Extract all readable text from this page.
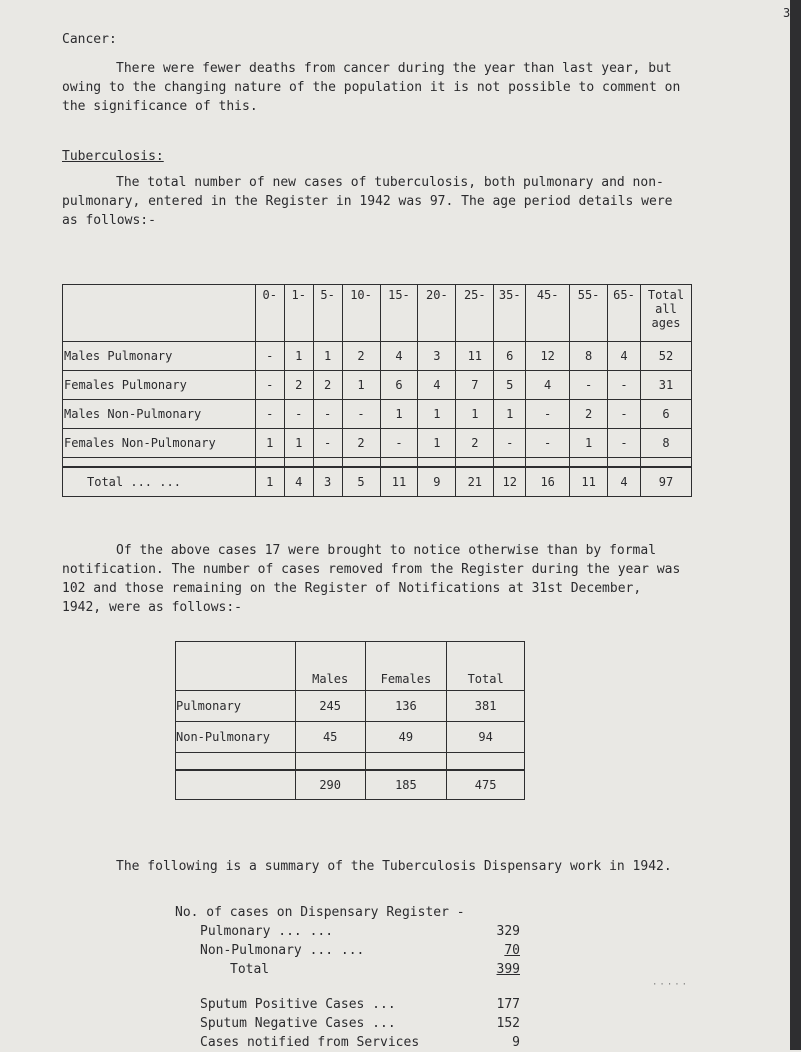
3
Cancer:

There were fewer deaths from cancer during the year than last year, but owing to the changing nature of the population it is not possible to comment on the significance of this.

Tuberculosis:

The total number of new cases of tuberculosis, both pulmonary and non-pulmonary, entered in the Register in 1942 was 97. The age period details were as follows:-

	0-	1-	5-	10-	15-	20-	25-	35-	45-	55-	65-	Total all ages
Males Pulmonary	-	1	1	2	4	3	11	6	12	8	4	52
Females Pulmonary	-	2	2	1	6	4	7	5	4	-	-	31
Males Non-Pulmonary	-	-	-	-	1	1	1	1	-	2	-	6
Females Non-Pulmonary	1	1	-	2	-	1	2	-	-	1	-	8

Total ... ...	1	4	3	5	11	9	21	12	16	11	4	97

Of the above cases 17 were brought to notice otherwise than by formal notification. The number of cases removed from the Register during the year was 102 and those remaining on the Register of Notifications at 31st December, 1942, were as follows:-

	Males	Females	Total
Pulmonary	245	136	381
Non-Pulmonary	45	49	94

	290	185	475

The following is a summary of the Tuberculosis Dispensary work in 1942.

No. of cases on Dispensary Register -
Pulmonary ... ...	329
Non-Pulmonary ... ...	70
Total	399
Sputum Positive Cases ...	177
Sputum Negative Cases ...	152
Cases notified from Services	9
·····
